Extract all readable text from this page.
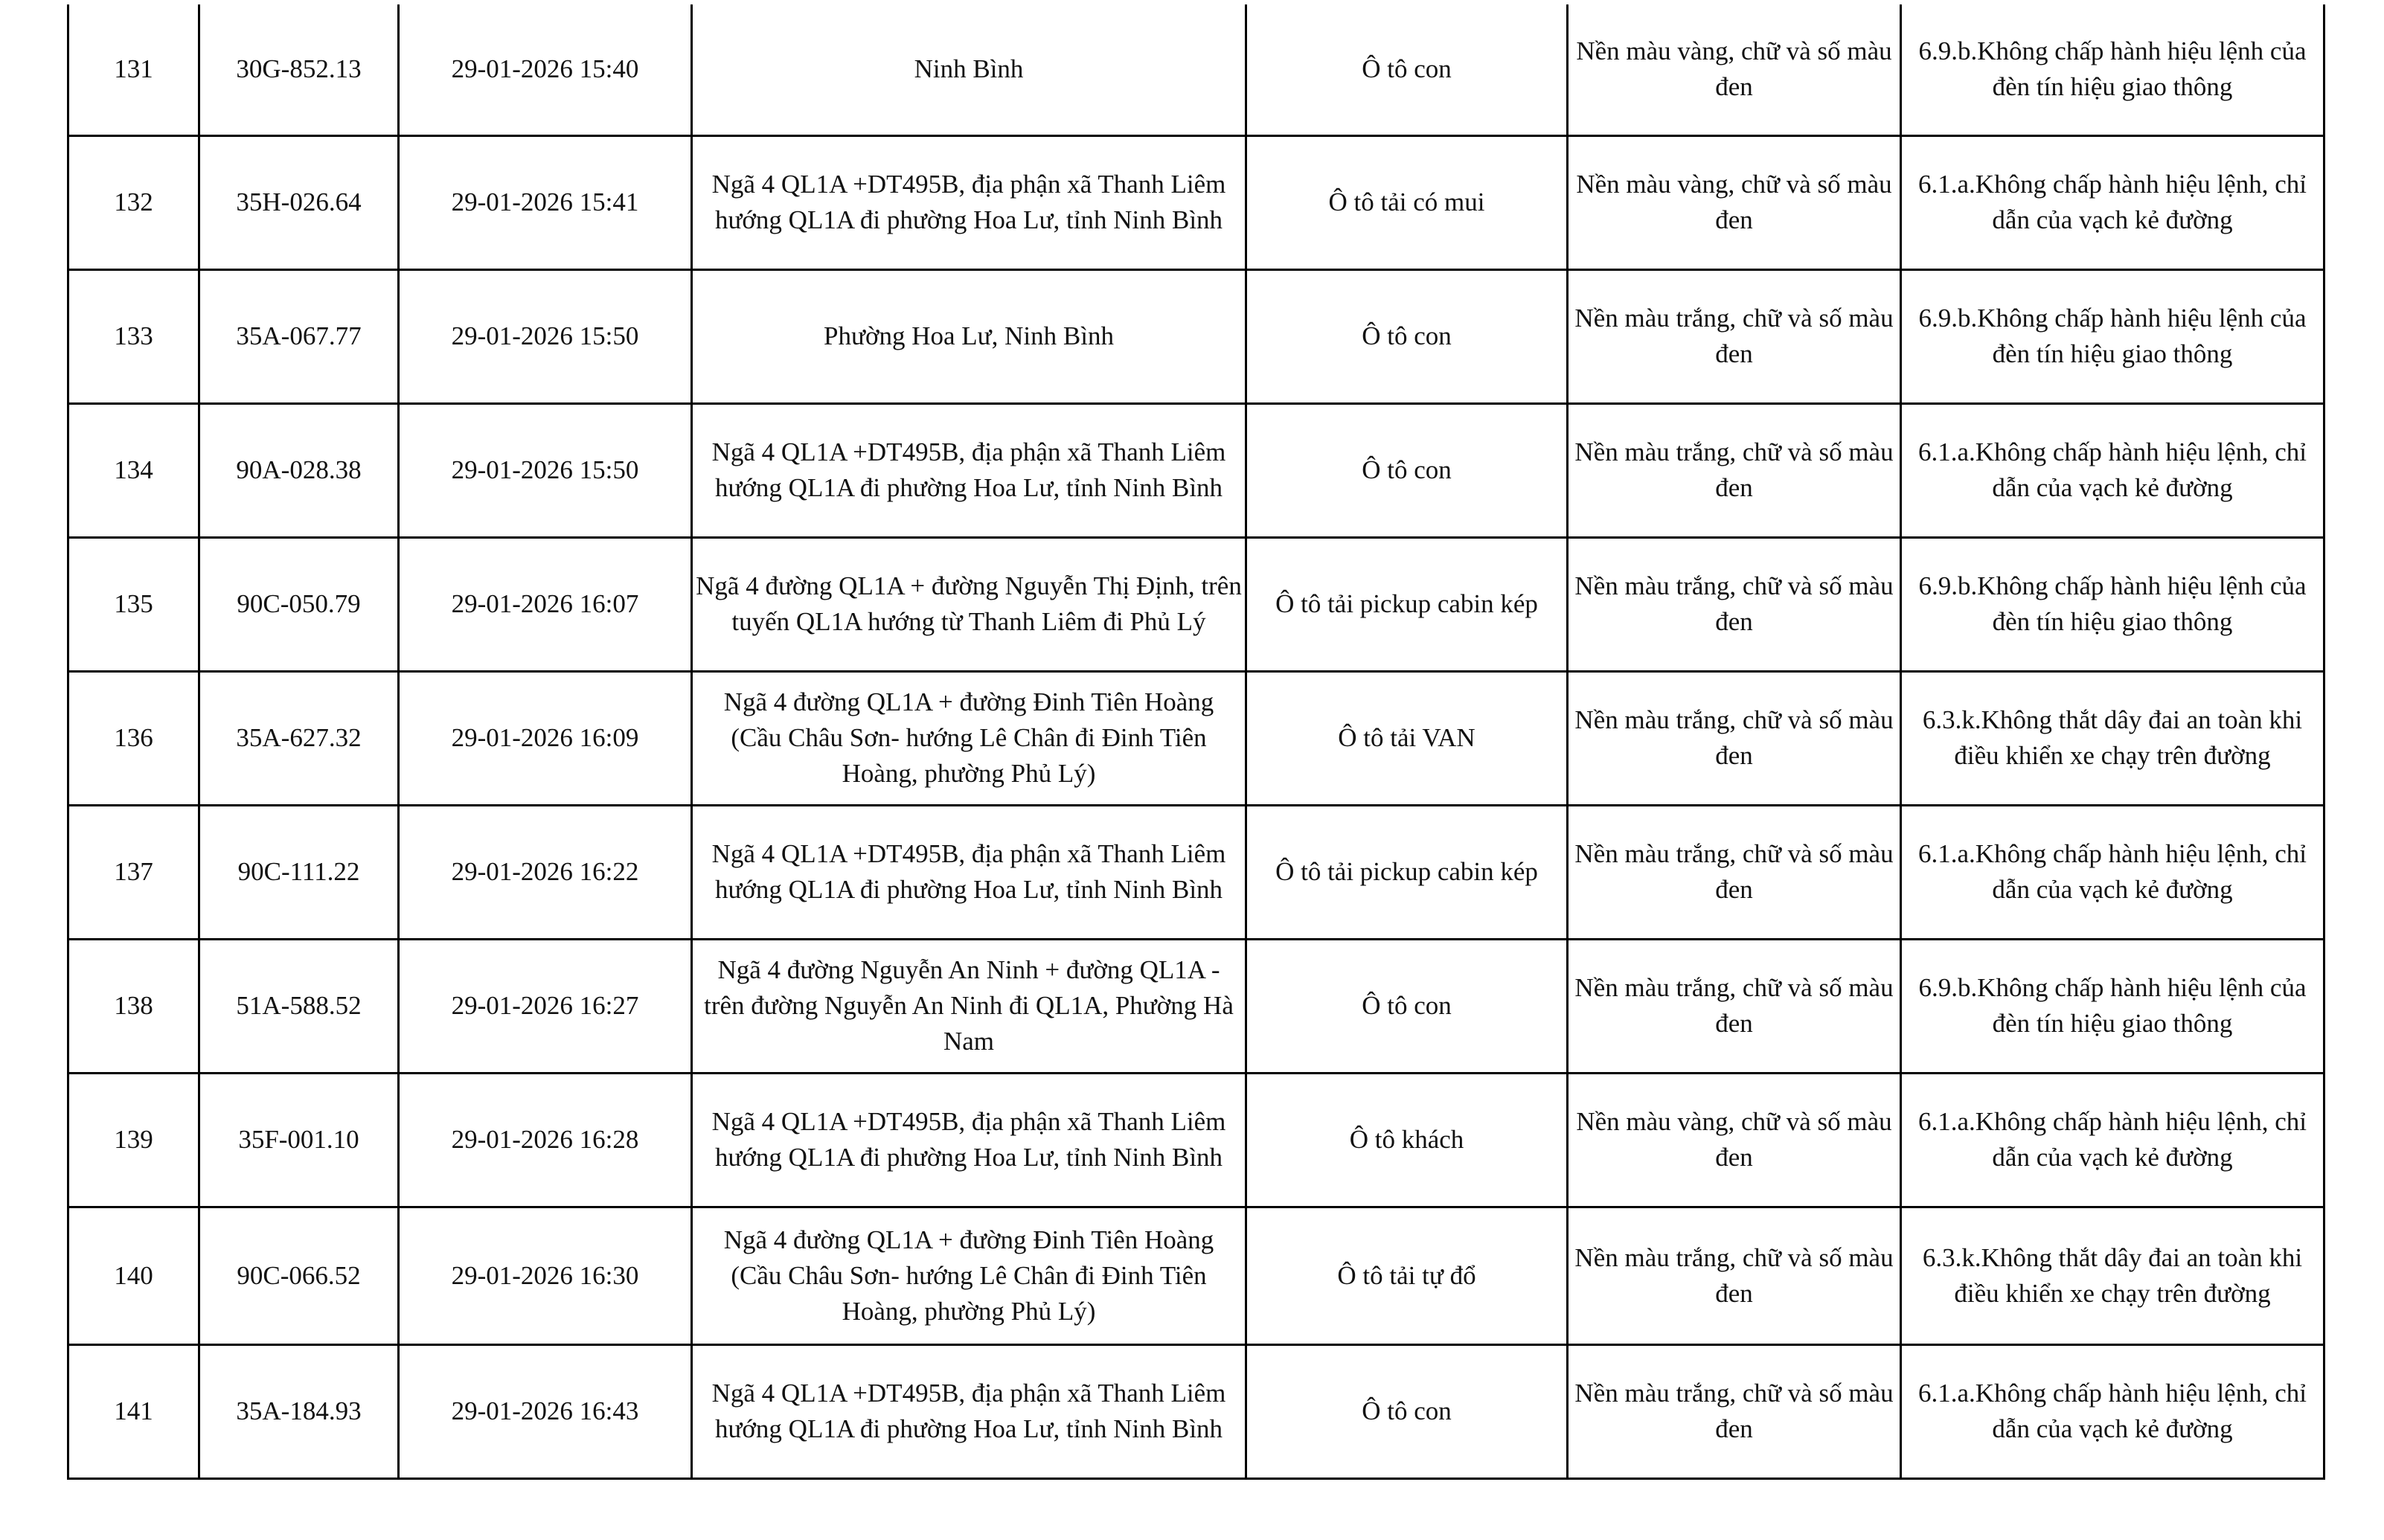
131	30G-852.13	29-01-2026 15:40	Ninh Bình	Ô tô con	Nền màu vàng, chữ và số màu đen	6.9.b.Không chấp hành hiệu lệnh của đèn tín hiệu giao thông
132	35H-026.64	29-01-2026 15:41	Ngã 4 QL1A +DT495B, địa phận xã Thanh Liêm hướng QL1A đi phường Hoa Lư, tỉnh Ninh Bình	Ô tô tải có mui	Nền màu vàng, chữ và số màu đen	6.1.a.Không chấp hành hiệu lệnh, chỉ dẫn của vạch kẻ đường
133	35A-067.77	29-01-2026 15:50	Phường Hoa Lư, Ninh Bình	Ô tô con	Nền màu trắng, chữ và số màu đen	6.9.b.Không chấp hành hiệu lệnh của đèn tín hiệu giao thông
134	90A-028.38	29-01-2026 15:50	Ngã 4 QL1A +DT495B, địa phận xã Thanh Liêm hướng QL1A đi phường Hoa Lư, tỉnh Ninh Bình	Ô tô con	Nền màu trắng, chữ và số màu đen	6.1.a.Không chấp hành hiệu lệnh, chỉ dẫn của vạch kẻ đường
135	90C-050.79	29-01-2026 16:07	Ngã 4 đường QL1A + đường Nguyễn Thị Định, trên tuyến QL1A hướng từ Thanh Liêm đi Phủ Lý	Ô tô tải pickup cabin kép	Nền màu trắng, chữ và số màu đen	6.9.b.Không chấp hành hiệu lệnh của đèn tín hiệu giao thông
136	35A-627.32	29-01-2026 16:09	Ngã 4 đường QL1A + đường Đinh Tiên Hoàng (Cầu Châu Sơn- hướng Lê Chân đi Đinh Tiên Hoàng, phường Phủ Lý)	Ô tô tải VAN	Nền màu trắng, chữ và số màu đen	6.3.k.Không thắt dây đai an toàn khi điều khiển xe chạy trên đường
137	90C-111.22	29-01-2026 16:22	Ngã 4 QL1A +DT495B, địa phận xã Thanh Liêm hướng QL1A đi phường Hoa Lư, tỉnh Ninh Bình	Ô tô tải pickup cabin kép	Nền màu trắng, chữ và số màu đen	6.1.a.Không chấp hành hiệu lệnh, chỉ dẫn của vạch kẻ đường
138	51A-588.52	29-01-2026 16:27	Ngã 4 đường Nguyễn An Ninh + đường QL1A - trên đường Nguyễn An Ninh đi QL1A, Phường Hà Nam	Ô tô con	Nền màu trắng, chữ và số màu đen	6.9.b.Không chấp hành hiệu lệnh của đèn tín hiệu giao thông
139	35F-001.10	29-01-2026 16:28	Ngã 4 QL1A +DT495B, địa phận xã Thanh Liêm hướng QL1A đi phường Hoa Lư, tỉnh Ninh Bình	Ô tô khách	Nền màu vàng, chữ và số màu đen	6.1.a.Không chấp hành hiệu lệnh, chỉ dẫn của vạch kẻ đường
140	90C-066.52	29-01-2026 16:30	Ngã 4 đường QL1A + đường Đinh Tiên Hoàng (Cầu Châu Sơn- hướng Lê Chân đi Đinh Tiên Hoàng, phường Phủ Lý)	Ô tô tải tự đổ	Nền màu trắng, chữ và số màu đen	6.3.k.Không thắt dây đai an toàn khi điều khiển xe chạy trên đường
141	35A-184.93	29-01-2026 16:43	Ngã 4 QL1A +DT495B, địa phận xã Thanh Liêm hướng QL1A đi phường Hoa Lư, tỉnh Ninh Bình	Ô tô con	Nền màu trắng, chữ và số màu đen	6.1.a.Không chấp hành hiệu lệnh, chỉ dẫn của vạch kẻ đường
